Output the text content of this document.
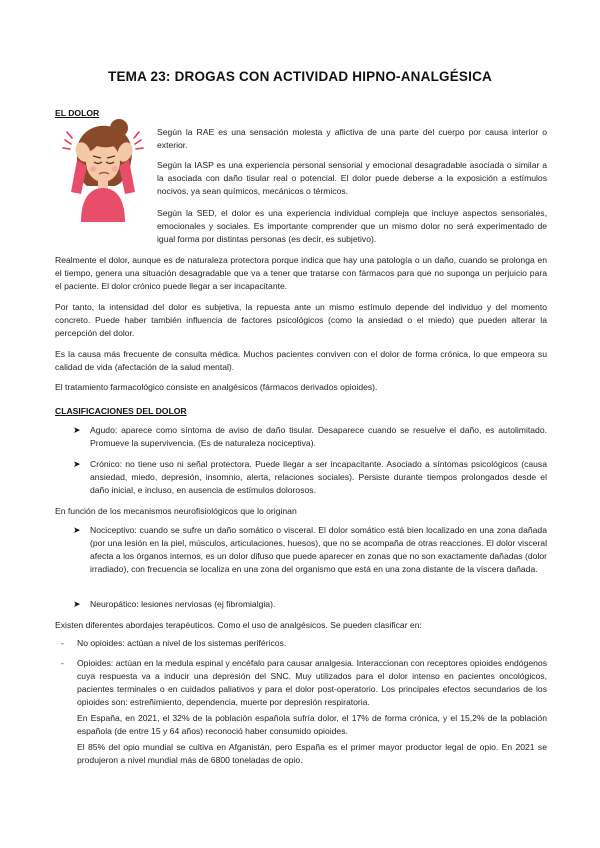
TEMA 23: DROGAS CON ACTIVIDAD HIPNO-ANALGÉSICA
EL DOLOR

Según la RAE es una sensación molesta y aflictiva de una parte del cuerpo por causa interior o exterior.

Según la IASP es una experiencia personal sensorial y emocional desagradable asociada o similar a la asociada con daño tisular real o potencial. El dolor puede deberse a la exposición a estímulos nocivos, ya sean químicos, mecánicos o térmicos.

Según la SED, el dolor es una experiencia individual compleja que incluye aspectos sensoriales, emocionales y sociales. Es importante comprender que un mismo dolor no será experimentado de igual forma por distintas personas (es decir, es subjetivo).

Realmente el dolor, aunque es de naturaleza protectora porque indica que hay una patología o un daño, cuando se prolonga en el tiempo, genera una situación desagradable que va a tener que tratarse con fármacos para que no suponga un perjuicio para el paciente. El dolor crónico puede llegar a ser incapacitante.

Por tanto, la intensidad del dolor es subjetiva, la repuesta ante un mismo estímulo depende del individuo y del momento concreto. Puede haber también influencia de factores psicológicos (como la ansiedad o el miedo) que pueden alterar la percepción del dolor.

Es la causa más frecuente de consulta médica. Muchos pacientes conviven con el dolor de forma crónica, lo que empeora su calidad de vida (afectación de la salud mental).

El tratamiento farmacológico consiste en analgésicos (fármacos derivados opioides).

CLASIFICACIONES DEL DOLOR
➤	Agudo: aparece como síntoma de aviso de daño tisular. Desaparece cuando se resuelve el daño, es autolimitado. Promueve la supervivencia. (Es de naturaleza nociceptiva).

➤	Crónico: no tiene uso ni señal protectora. Puede llegar a ser incapacitante. Asociado a síntomas psicológicos (causa ansiedad, miedo, depresión, insomnio, alerta, relaciones sociales). Persiste durante tiempos prolongados desde el daño inicial, e incluso, en ausencia de estímulos dolorosos.

En función de los mecanismos neurofisiológicos que lo originan

➤	Nociceptivo: cuando se sufre un daño somático o visceral. El dolor somático está bien localizado en una zona dañada (por una lesión en la piel, músculos, articulaciones, huesos), que no se acompaña de otras reacciones. El dolor visceral afecta a los órganos internos, es un dolor difuso que puede aparecer en zonas que no son exactamente dañadas (dolor irradiado), con frecuencia se localiza en una zona del organismo que está en una zona distante de la víscera dañada.

➤	Neuropático: lesiones nerviosas (ej fibromialgia).

Existen diferentes abordajes terapéuticos. Como el uso de analgésicos. Se pueden clasificar en:

-	No opioides: actúan a nivel de los sistemas periféricos.

-	Opioides: actúan en la medula espinal y encéfalo para causar analgesia. Interaccionan con receptores opioides endógenos cuya respuesta va a inducir una depresión del SNC. Muy utilizados para el dolor intenso en pacientes oncológicos, pacientes terminales o en cuidados paliativos y para el dolor post-operatorio. Los principales efectos secundarios de los opioides son: estreñimiento, dependencia, muerte por depresión respiratoria.

En España, en 2021, el 32% de la población española sufría dolor, el 17% de forma crónica, y el 15,2% de la población española (de entre 15 y 64 años) reconoció haber consumido opioides.

El 85% del opio mundial se cultiva en Afganistán, pero España es el primer mayor productor legal de opio. En 2021 se produjeron a nivel mundial más de 6800 toneladas de opio.
